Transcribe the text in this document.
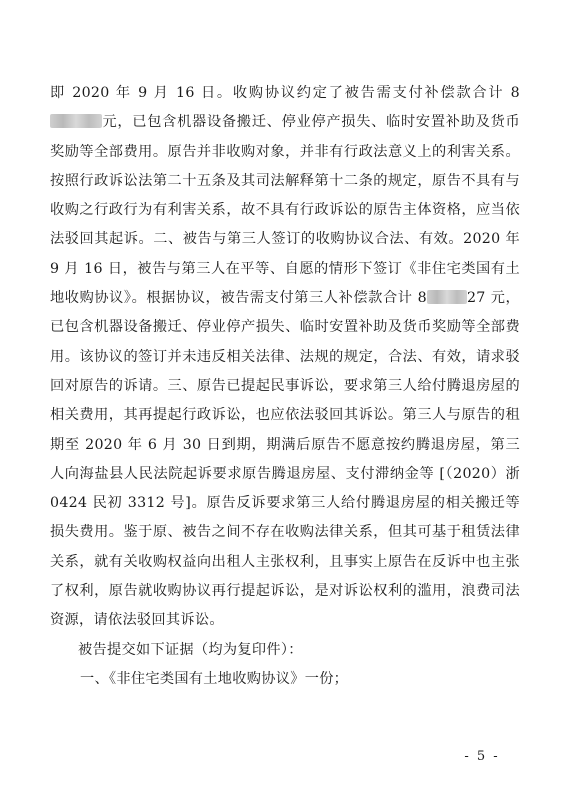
即 2020 年 9 月 16 日。收购协议约定了被告需支付补偿款合计 8元，已包含机器设备搬迁、停业停产损失、临时安置补助及货币奖励等全部费用。原告并非收购对象，并非有行政法意义上的利害关系。按照行政诉讼法第二十五条及其司法解释第十二条的规定，原告不具有与收购之行政行为有利害关系，故不具有行政诉讼的原告主体资格，应当依法驳回其起诉。二、被告与第三人签订的收购协议合法、有效。2020 年 9 月 16 日，被告与第三人在平等、自愿的情形下签订《非住宅类国有土地收购协议》。根据协议，被告需支付第三人补偿款合计 8	27 元，已包含机器设备搬迁、停业停产损失、临时安置补助及货币奖励等全部费用。该协议的签订并未违反相关法律、法规的规定，合法、有效，请求驳回对原告的诉请。三、原告已提起民事诉讼，要求第三人给付腾退房屋的相关费用，其再提起行政诉讼，也应依法驳回其诉讼。第三人与原告的租期至 2020 年 6 月 30 日到期，期满后原告不愿意按约腾退房屋，第三人向海盐县人民法院起诉要求原告腾退房屋、支付滞纳金等 [（2020）浙 0424 民初 3312 号]。原告反诉要求第三人给付腾退房屋的相关搬迁等损失费用。鉴于原、被告之间不存在收购法律关系，但其可基于租赁法律关系，就有关收购权益向出租人主张权利，且事实上原告在反诉中也主张了权利，原告就收购协议再行提起诉讼，是对诉讼权利的滥用，浪费司法资源，请依法驳回其诉讼。

被告提交如下证据（均为复印件）：
一、《非住宅类国有土地收购协议》一份；
- 5 -
